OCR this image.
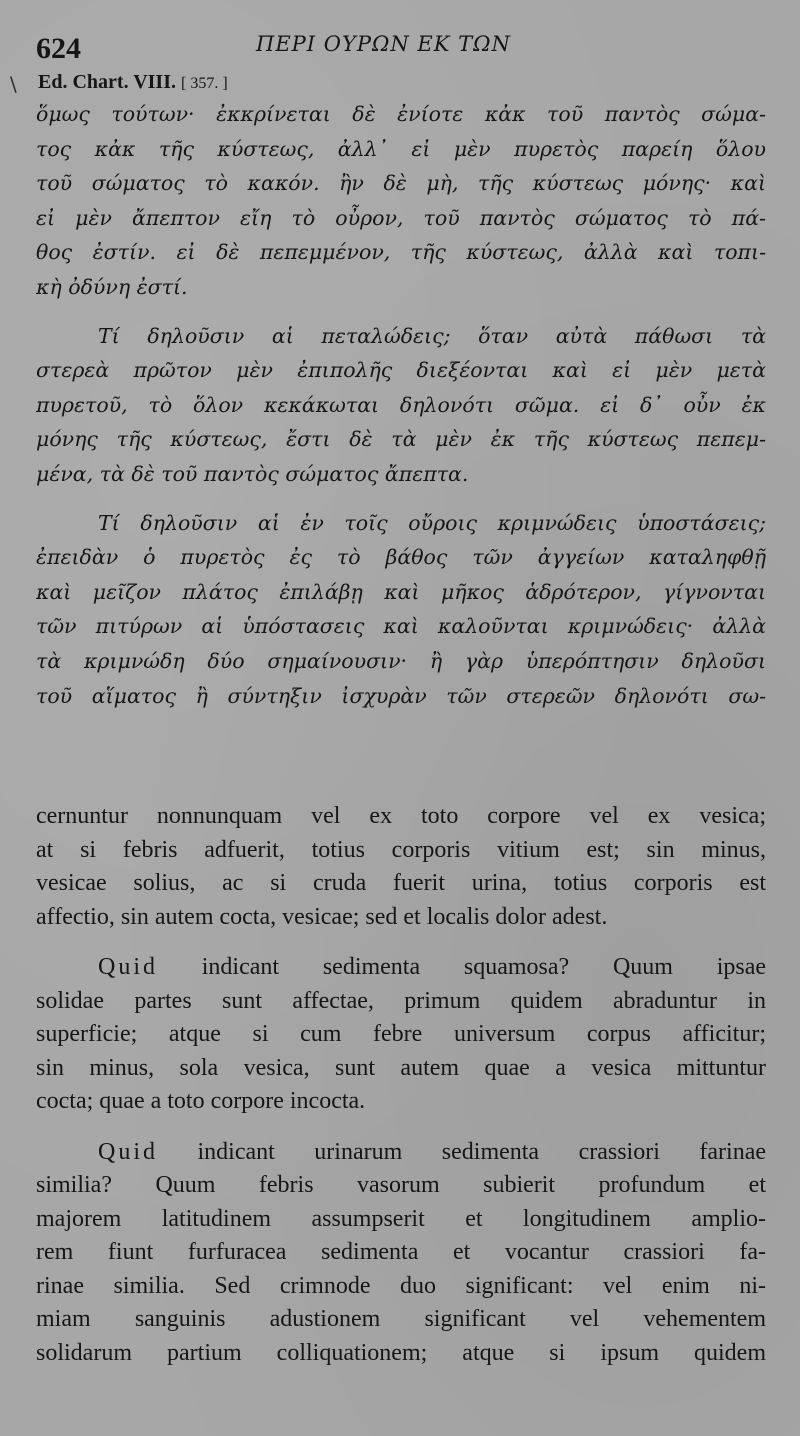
624	ΠΕΡΙ ΟΥΡΩΝ ΕΚ ΤΩΝ
\ Ed. Chart. VIII. [ 357. ]
ὅμως τούτων· ἐκκρίνεται δὲ ἐνίοτε κἀκ τοῦ παντὸς σώμα-
τος κἀκ τῆς κύστεως, ἀλλ᾽ εἰ μὲν πυρετὸς παρείη ὅλου
τοῦ σώματος τὸ κακόν. ἢν δὲ μὴ, τῆς κύστεως μόνης· καὶ
εἰ μὲν ἄπεπτον εἴη τὸ οὖρον, τοῦ παντὸς σώματος τὸ πά-
θος ἐστίν. εἰ δὲ πεπεμμένον, τῆς κύστεως, ἀλλὰ καὶ τοπι-
κὴ ὀδύνη ἐστί.
Τί δηλοῦσιν αἱ πεταλώδεις; ὅταν αὐτὰ πάθωσι τὰ
στερεὰ πρῶτον μὲν ἐπιπολῆς διεξέονται καὶ εἰ μὲν μετὰ
πυρετοῦ, τὸ ὅλον κεκάκωται δηλονότι σῶμα. εἰ δ᾽ οὖν ἐκ
μόνης τῆς κύστεως, ἔστι δὲ τὰ μὲν ἐκ τῆς κύστεως πεπεμ-
μένα, τὰ δὲ τοῦ παντὸς σώματος ἄπεπτα.
Τί δηλοῦσιν αἱ ἐν τοῖς οὔροις κριμνώδεις ὑποστάσεις;
ἐπειδὰν ὁ πυρετὸς ἐς τὸ βάθος τῶν ἀγγείων καταληφθῇ
καὶ μεῖζον πλάτος ἐπιλάβῃ καὶ μῆκος ἁδρότερον, γίγνονται
τῶν πιτύρων αἱ ὑπόστασεις καὶ καλοῦνται κριμνώδεις· ἀλλὰ
τὰ κριμνώδη δύο σημαίνουσιν· ἢ γὰρ ὑπερόπτησιν δηλοῦσι
τοῦ αἵματος ἢ σύντηξιν ἰσχυρὰν τῶν στερεῶν δηλονότι σω-
cernuntur nonnunquam vel ex toto corpore vel ex vesica;
at si febris adfuerit, totius corporis vitium est; sin minus,
vesicae solius, ac si cruda fuerit urina, totius corporis est
affectio, sin autem cocta, vesicae; sed et localis dolor adest.
Quid indicant sedimenta squamosa? Quum ipsae
solidae partes sunt affectae, primum quidem abraduntur in
superficie; atque si cum febre universum corpus afficitur;
sin minus, sola vesica, sunt autem quae a vesica mittuntur
cocta; quae a toto corpore incocta.
Quid indicant urinarum sedimenta crassiori farinae
similia? Quum febris vasorum subierit profundum et
majorem latitudinem assumpserit et longitudinem amplio-
rem fiunt furfuracea sedimenta et vocantur crassiori fa-
rinae similia. Sed crimnode duo significant: vel enim ni-
miam sanguinis adustionem significant vel vehementem
solidarum partium colliquationem; atque si ipsum quidem
